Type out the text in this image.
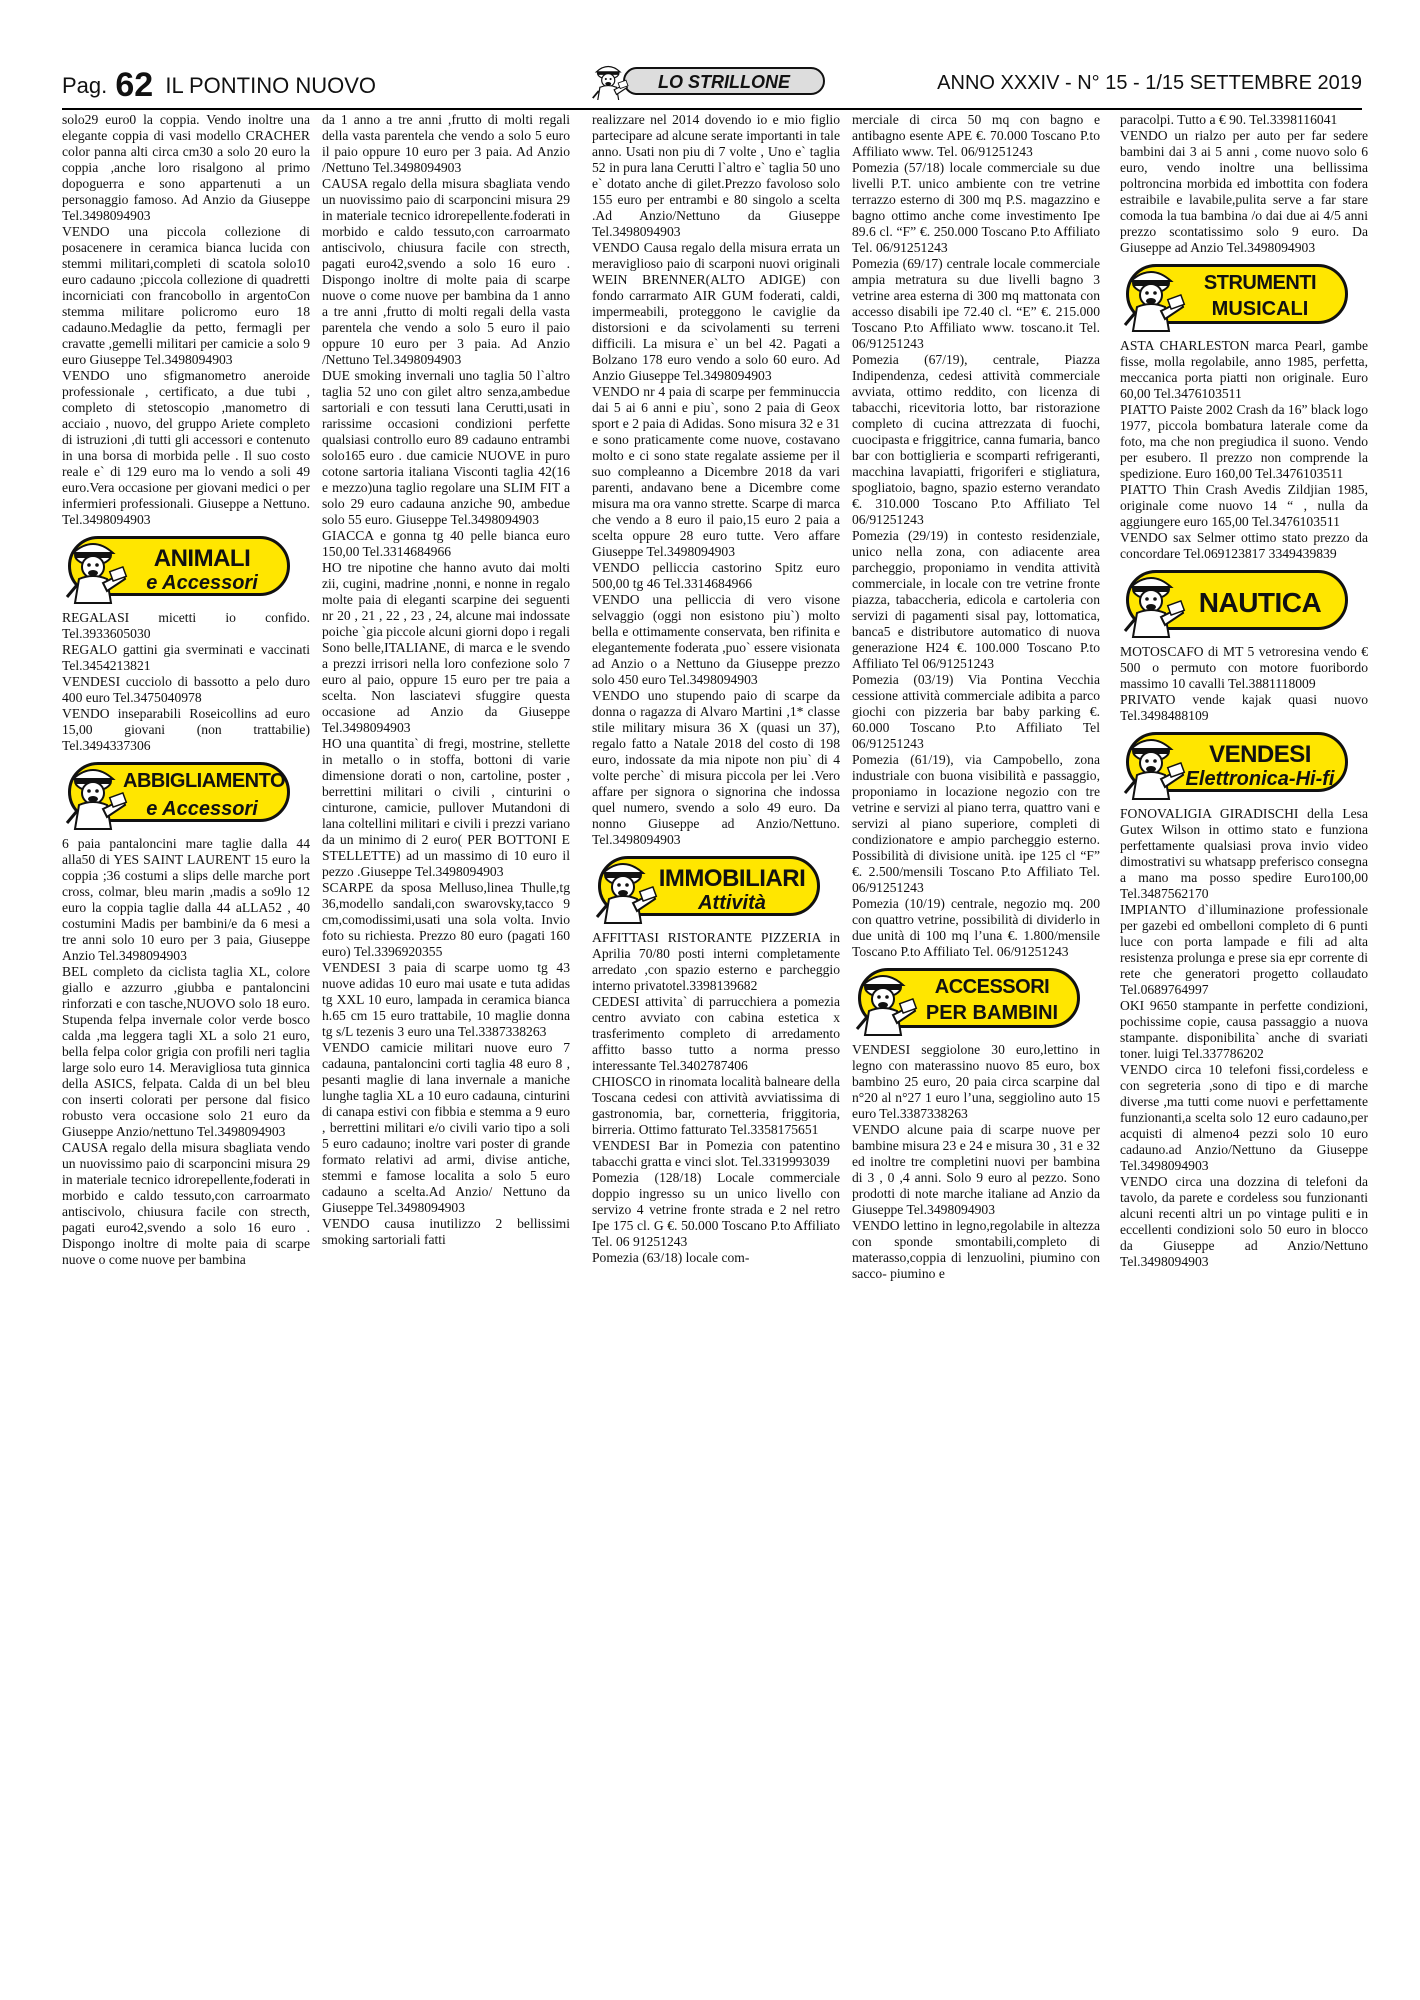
Pag. 62 IL PONTINO NUOVO	LO STRILLONE	ANNO XXXIV - N° 15 - 1/15 SETTEMBRE 2019

solo29 euro0 la coppia. Vendo inoltre una elegante coppia di vasi modello CRACHER color panna alti circa cm30 a solo 20 euro la coppia ,anche loro risalgono al primo dopoguerra e sono appartenuti a un personaggio famoso. Ad Anzio da Giuseppe Tel.3498094903

VENDO una piccola collezione di posacenere in ceramica bianca lucida con stemmi militari,completi di scatola solo10 euro cadauno ;piccola collezione di quadretti incorniciati con francobollo in argentoCon stemma militare policromo euro 18 cadauno.Medaglie da petto, fermagli per cravatte ,gemelli militari per camicie a solo 9 euro Giuseppe Tel.3498094903

VENDO uno sfigmanometro aneroide professionale , certificato, a due tubi , completo di stetoscopio ,manometro di acciaio , nuovo, del gruppo Ariete completo di istruzioni ,di tutti gli accessori e contenuto in una borsa di morbida pelle . Il suo costo reale e` di 129 euro ma lo vendo a soli 49 euro.Vera occasione per giovani medici o per infermieri professionali. Giuseppe a Nettuno. Tel.3498094903

ANIMALI
e Accessori

REGALASI micetti io confido. Tel.3933605030

REGALO gattini gia sverminati e vaccinati Tel.3454213821

VENDESI cucciolo di bassotto a pelo duro 400 euro Tel.3475040978

VENDO inseparabili Roseicollins ad euro 15,00 giovani (non trattabilie) Tel.3494337306

ABBIGLIAMENTO
e Accessori

6 paia pantaloncini mare taglie dalla 44 alla50 di YES SAINT LAURENT 15 euro la coppia ;36 costumi a slips delle marche port cross, colmar, bleu marin ,madis a so9lo 12 euro la coppia taglie dalla 44 aLLA52 , 40 costumini Madis per bambini/e da 6 mesi a tre anni solo 10 euro per 3 paia, Giuseppe Anzio Tel.3498094903

BEL completo da ciclista taglia XL, colore giallo e azzurro ,giubba e pantaloncini rinforzati e con tasche,NUOVO solo 18 euro. Stupenda felpa invernale color verde bosco calda ,ma leggera tagli XL a solo 21 euro, bella felpa color grigia con profili neri taglia large solo euro 14. Meravigliosa tuta ginnica della ASICS, felpata. Calda di un bel bleu con inserti colorati per persone dal fisico robusto vera occasione solo 21 euro da Giuseppe Anzio/nettuno Tel.3498094903

CAUSA regalo della misura sbagliata vendo un nuovissimo paio di scarponcini misura 29 in materiale tecnico idrorepellente,foderati in morbido e caldo tessuto,con carroarmato antiscivolo, chiusura facile con strecth, pagati euro42,svendo a solo 16 euro . Dispongo inoltre di molte paia di scarpe nuove o come nuove per bambina

da 1 anno a tre anni ,frutto di molti regali della vasta parentela che vendo a solo 5 euro il paio oppure 10 euro per 3 paia. Ad Anzio /Nettuno Tel.3498094903

CAUSA regalo della misura sbagliata vendo un nuovissimo paio di scarponcini misura 29 in materiale tecnico idrorepellente.foderati in morbido e caldo tessuto,con carroarmato antiscivolo, chiusura facile con strecth, pagati euro42,svendo a solo 16 euro . Dispongo inoltre di molte paia di scarpe nuove o come nuove per bambina da 1 anno a tre anni ,frutto di molti regali della vasta parentela che vendo a solo 5 euro il paio oppure 10 euro per 3 paia. Ad Anzio /Nettuno Tel.3498094903

DUE smoking invernali uno taglia 50 l`altro taglia 52 uno con gilet altro senza,ambedue sartoriali e con tessuti lana Cerutti,usati in rarissime occasioni condizioni perfette qualsiasi controllo euro 89 cadauno entrambi solo165 euro . due camicie NUOVE in puro cotone sartoria italiana Visconti taglia 42(16 e mezzo)una taglio regolare una SLIM FIT a solo 29 euro cadauna anziche 90, ambedue solo 55 euro. Giuseppe Tel.3498094903

GIACCA e gonna tg 40 pelle bianca euro 150,00 Tel.3314684966

HO tre nipotine che hanno avuto dai molti zii, cugini, madrine ,nonni, e nonne in regalo molte paia di eleganti scarpine dei seguenti nr 20 , 21 , 22 , 23 , 24, alcune mai indossate poiche `gia piccole alcuni giorni dopo i regali Sono belle,ITALIANE, di marca e le svendo a prezzi irrisori nella loro confezione solo 7 euro al paio, oppure 15 euro per tre paia a scelta. Non lasciatevi sfuggire questa occasione ad Anzio da Giuseppe Tel.3498094903

HO una quantita` di fregi, mostrine, stellette in metallo o in stoffa, bottoni di varie dimensione dorati o non, cartoline, poster , berrettini militari o civili , cinturini o cinturone, camicie, pullover Mutandoni di lana coltellini militari e civili i prezzi variano da un minimo di 2 euro( PER BOTTONI E STELLETTE) ad un massimo di 10 euro il pezzo .Giuseppe Tel.3498094903

SCARPE da sposa Melluso,linea Thulle,tg 36,modello sandali,con swarovsky,tacco 9 cm,comodissimi,usati una sola volta. Invio foto su richiesta. Prezzo 80 euro (pagati 160 euro) Tel.3396920355

VENDESI 3 paia di scarpe uomo tg 43 nuove adidas 10 euro mai usate e tuta adidas tg XXL 10 euro, lampada in ceramica bianca h.65 cm 15 euro trattabile, 10 maglie donna tg s/L tezenis 3 euro una Tel.3387338263

VENDO camicie militari nuove euro 7 cadauna, pantaloncini corti taglia 48 euro 8 , pesanti maglie di lana invernale a maniche lunghe taglia XL a 10 euro cadauna, cinturini di canapa estivi con fibbia e stemma a 9 euro , berrettini militari e/o civili vario tipo a soli 5 euro cadauno; inoltre vari poster di grande formato relativi ad armi, divise antiche, stemmi e famose localita a solo 5 euro cadauno a scelta.Ad Anzio/ Nettuno da Giuseppe Tel.3498094903

VENDO causa inutilizzo 2 bellissimi smoking sartoriali fatti

realizzare nel 2014 dovendo io e mio figlio partecipare ad alcune serate importanti in tale anno. Usati non piu di 7 volte , Uno e` taglia 52 in pura lana Cerutti l`altro e` taglia 50 uno e` dotato anche di gilet.Prezzo favoloso solo 155 euro per entrambi e 80 singolo a scelta .Ad Anzio/Nettuno da Giuseppe Tel.3498094903

VENDO Causa regalo della misura errata un meraviglioso paio di scarponi nuovi originali WEIN BRENNER(ALTO ADIGE) con fondo carrarmato AIR GUM foderati, caldi, impermeabili, proteggono le caviglie da distorsioni e da scivolamenti su terreni difficili. La misura e` un bel 42. Pagati a Bolzano 178 euro vendo a solo 60 euro. Ad Anzio Giuseppe Tel.3498094903

VENDO nr 4 paia di scarpe per femminuccia dai 5 ai 6 anni e piu`, sono 2 paia di Geox sport e 2 paia di Adidas. Sono misura 32 e 31 e sono praticamente come nuove, costavano molto e ci sono state regalate assieme per il suo compleanno a Dicembre 2018 da vari parenti, andavano bene a Dicembre come misura ma ora vanno strette. Scarpe di marca che vendo a 8 euro il paio,15 euro 2 paia a scelta oppure 28 euro tutte. Vero affare Giuseppe Tel.3498094903

VENDO pelliccia castorino Spitz euro 500,00 tg 46 Tel.3314684966

VENDO una pelliccia di vero visone selvaggio (oggi non esistono piu`) molto bella e ottimamente conservata, ben rifinita e elegantemente foderata ,puo` essere visionata ad Anzio o a Nettuno da Giuseppe prezzo solo 450 euro Tel.3498094903

VENDO uno stupendo paio di scarpe da donna o ragazza di Alvaro Martini ,1* classe stile military misura 36 X (quasi un 37), regalo fatto a Natale 2018 del costo di 198 euro, indossate da mia nipote non piu` di 4 volte perche` di misura piccola per lei .Vero affare per signora o signorina che indossa quel numero, svendo a solo 49 euro. Da nonno Giuseppe ad Anzio/Nettuno. Tel.3498094903

IMMOBILIARI
Attività

AFFITTASI RISTORANTE PIZZERIA in Aprilia 70/80 posti interni completamente arredato ,con spazio esterno e parcheggio interno privatotel.3398139682

CEDESI attivita` di parrucchiera a pomezia centro avviato con cabina estetica x trasferimento completo di arredamento affitto basso tutto a norma presso interessante Tel.3402787406

CHIOSCO in rinomata località balneare della Toscana cedesi con attività avviatissima di gastronomia, bar, cornetteria, friggitoria, birreria. Ottimo fatturato Tel.3358175651

VENDESI Bar in Pomezia con patentino tabacchi gratta e vinci slot. Tel.3319993039

Pomezia (128/18) Locale commerciale doppio ingresso su un unico livello con servizo 4 vetrine fronte strada e 2 nel retro Ipe 175 cl. G €. 50.000 Toscano P.to Affiliato Tel. 06 91251243

Pomezia (63/18) locale com-

merciale di circa 50 mq con bagno e antibagno esente APE €. 70.000 Toscano P.to Affiliato www. Tel. 06/91251243

Pomezia (57/18) locale commerciale su due livelli P.T. unico ambiente con tre vetrine terrazzo esterno di 300 mq P.S. magazzino e bagno ottimo anche come investimento Ipe 89.6 cl. “F” €. 250.000 Toscano P.to Affiliato Tel. 06/91251243

Pomezia (69/17) centrale locale commerciale ampia metratura su due livelli bagno 3 vetrine area esterna di 300 mq mattonata con accesso disabili ipe 72.40 cl. “E” €. 215.000 Toscano P.to Affiliato www. toscano.it Tel. 06/91251243

Pomezia (67/19), centrale, Piazza Indipendenza, cedesi attività commerciale avviata, ottimo reddito, con licenza di tabacchi, ricevitoria lotto, bar ristorazione completo di cucina attrezzata di fuochi, cuocipasta e friggitrice, canna fumaria, banco bar con bottiglieria e scomparti refrigeranti, macchina lavapiatti, frigoriferi e stigliatura, spogliatoio, bagno, spazio esterno verandato €. 310.000 Toscano P.to Affiliato Tel 06/91251243

Pomezia (29/19) in contesto residenziale, unico nella zona, con adiacente area parcheggio, proponiamo in vendita attività commerciale, in locale con tre vetrine fronte piazza, tabaccheria, edicola e cartoleria con servizi di pagamenti sisal pay, lottomatica, banca5 e distributore automatico di nuova generazione H24 €. 100.000 Toscano P.to Affiliato Tel 06/91251243

Pomezia (03/19) Via Pontina Vecchia cessione attività commerciale adibita a parco giochi con pizzeria bar baby parking €. 60.000 Toscano P.to Affiliato Tel 06/91251243

Pomezia (61/19), via Campobello, zona industriale con buona visibilità e passaggio, proponiamo in locazione negozio con tre vetrine e servizi al piano terra, quattro vani e servizi al piano superiore, completi di condizionatore e ampio parcheggio esterno. Possibilità di divisione unità. ipe 125 cl “F” €. 2.500/mensili Toscano P.to Affiliato Tel. 06/91251243

Pomezia (10/19) centrale, negozio mq. 200 con quattro vetrine, possibilità di dividerlo in due unità di 100 mq l’una €. 1.800/mensile Toscano P.to Affiliato Tel. 06/91251243

ACCESSORI
PER BAMBINI

VENDESI seggiolone 30 euro,lettino in legno con materassino nuovo 85 euro, box bambino 25 euro, 20 paia circa scarpine dal n°20 al n°27 1 euro l’una, seggiolino auto 15 euro Tel.3387338263

VENDO alcune paia di scarpe nuove per bambine misura 23 e 24 e misura 30 , 31 e 32 ed inoltre tre completini nuovi per bambina di 3 , 0 ,4 anni. Solo 9 euro al pezzo. Sono prodotti di note marche italiane ad Anzio da Giuseppe Tel.3498094903

VENDO lettino in legno,regolabile in altezza con sponde smontabili,completo di materasso,coppia di lenzuolini, piumino con sacco- piumino e

paracolpi. Tutto a € 90. Tel.3398116041

VENDO un rialzo per auto per far sedere bambini dai 3 ai 5 anni , come nuovo solo 6 euro, vendo inoltre una bellissima poltroncina morbida ed imbottita con fodera estraibile e lavabile,pulita serve a far stare comoda la tua bambina /o dai due ai 4/5 anni prezzo scontatissimo solo 9 euro. Da Giuseppe ad Anzio Tel.3498094903

STRUMENTI
MUSICALI

ASTA CHARLESTON marca Pearl, gambe fisse, molla regolabile, anno 1985, perfetta, meccanica porta piatti non originale. Euro 60,00 Tel.3476103511

PIATTO Paiste 2002 Crash da 16” black logo 1977, piccola bombatura laterale come da foto, ma che non pregiudica il suono. Vendo per esubero. Il prezzo non comprende la spedizione. Euro 160,00 Tel.3476103511

PIATTO Thin Crash Avedis Zildjian 1985, originale come nuovo 14 “ , nulla da aggiungere euro 165,00 Tel.3476103511

VENDO sax Selmer ottimo stato prezzo da concordare Tel.069123817 3349439839

NAUTICA

MOTOSCAFO di MT 5 vetroresina vendo € 500 o permuto con motore fuoribordo massimo 10 cavalli Tel.3881118009

PRIVATO vende kajak quasi nuovo Tel.3498488109

VENDESI
Elettronica-Hi-fi

FONOVALIGIA GIRADISCHI della Lesa Gutex Wilson in ottimo stato e funziona perfettamente qualsiasi prova invio video dimostrativi su whatsapp preferisco consegna a mano ma posso spedire Euro100,00 Tel.3487562170

IMPIANTO d`illuminazione professionale per gazebi ed ombelloni completo di 6 punti luce con porta lampade e fili ad alta resistenza prolunga e prese sia epr corrente di rete che generatori progetto collaudato Tel.0689764997

OKI 9650 stampante in perfette condizioni, pochissime copie, causa passaggio a nuova stampante. disponibilita` anche di svariati toner. luigi Tel.337786202

VENDO circa 10 telefoni fissi,cordeless e con segreteria ,sono di tipo e di marche diverse ,ma tutti come nuovi e perfettamente funzionanti,a scelta solo 12 euro cadauno,per acquisti di almeno4 pezzi solo 10 euro cadauno.ad Anzio/Nettuno da Giuseppe Tel.3498094903

VENDO circa una dozzina di telefoni da tavolo, da parete e cordeless sou funzionanti alcuni recenti altri un po vintage puliti e in eccellenti condizioni solo 50 euro in blocco da Giuseppe ad Anzio/Nettuno Tel.3498094903
